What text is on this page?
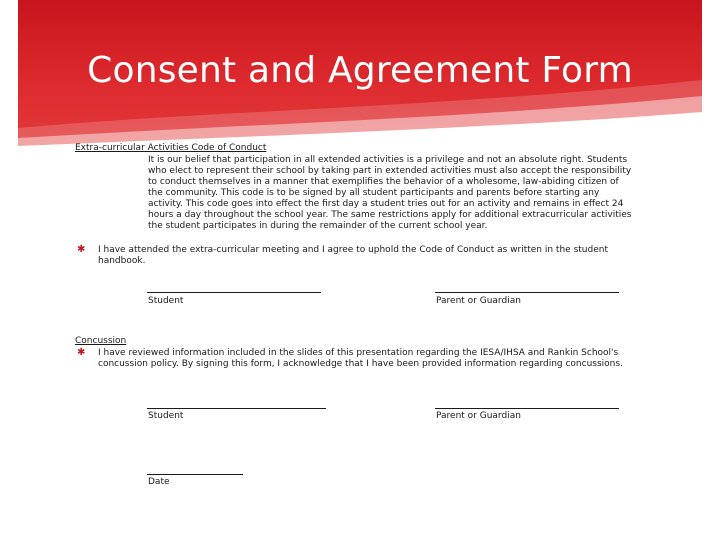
Consent and Agreement Form
Extra-curricular Activities Code of Conduct
It is our belief that participation in all extended activities is a privilege and not an absolute right. Students
who elect to represent their school by taking part in extended activities must also accept the responsibility
to conduct themselves in a manner that exemplifies the behavior of a wholesome, law-abiding citizen of
the community. This code is to be signed by all student participants and parents before starting any
activity. This code goes into effect the first day a student tries out for an activity and remains in effect 24
hours a day throughout the school year. The same restrictions apply for additional extracurricular activities
the student participates in during the remainder of the current school year.
✱ I have attended the extra-curricular meeting and I agree to uphold the Code of Conduct as written in the student
handbook.
Student	Parent or Guardian
Concussion
✱ I have reviewed information included in the slides of this presentation regarding the IESA/IHSA and Rankin School's
concussion policy. By signing this form, I acknowledge that I have been provided information regarding concussions.
Student	Parent or Guardian
Date
